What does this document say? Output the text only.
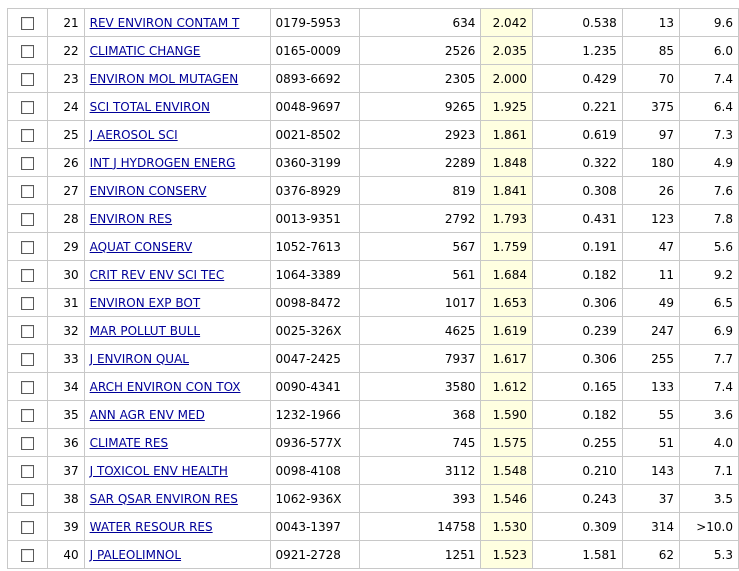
	21	REV ENVIRON CONTAM T	0179-5953	634	2.042	0.538	13	9.6
	22	CLIMATIC CHANGE	0165-0009	2526	2.035	1.235	85	6.0
	23	ENVIRON MOL MUTAGEN	0893-6692	2305	2.000	0.429	70	7.4
	24	SCI TOTAL ENVIRON	0048-9697	9265	1.925	0.221	375	6.4
	25	J AEROSOL SCI	0021-8502	2923	1.861	0.619	97	7.3
	26	INT J HYDROGEN ENERG	0360-3199	2289	1.848	0.322	180	4.9
	27	ENVIRON CONSERV	0376-8929	819	1.841	0.308	26	7.6
	28	ENVIRON RES	0013-9351	2792	1.793	0.431	123	7.8
	29	AQUAT CONSERV	1052-7613	567	1.759	0.191	47	5.6
	30	CRIT REV ENV SCI TEC	1064-3389	561	1.684	0.182	11	9.2
	31	ENVIRON EXP BOT	0098-8472	1017	1.653	0.306	49	6.5
	32	MAR POLLUT BULL	0025-326X	4625	1.619	0.239	247	6.9
	33	J ENVIRON QUAL	0047-2425	7937	1.617	0.306	255	7.7
	34	ARCH ENVIRON CON TOX	0090-4341	3580	1.612	0.165	133	7.4
	35	ANN AGR ENV MED	1232-1966	368	1.590	0.182	55	3.6
	36	CLIMATE RES	0936-577X	745	1.575	0.255	51	4.0
	37	J TOXICOL ENV HEALTH	0098-4108	3112	1.548	0.210	143	7.1
	38	SAR QSAR ENVIRON RES	1062-936X	393	1.546	0.243	37	3.5
	39	WATER RESOUR RES	0043-1397	14758	1.530	0.309	314	>10.0
	40	J PALEOLIMNOL	0921-2728	1251	1.523	1.581	62	5.3
